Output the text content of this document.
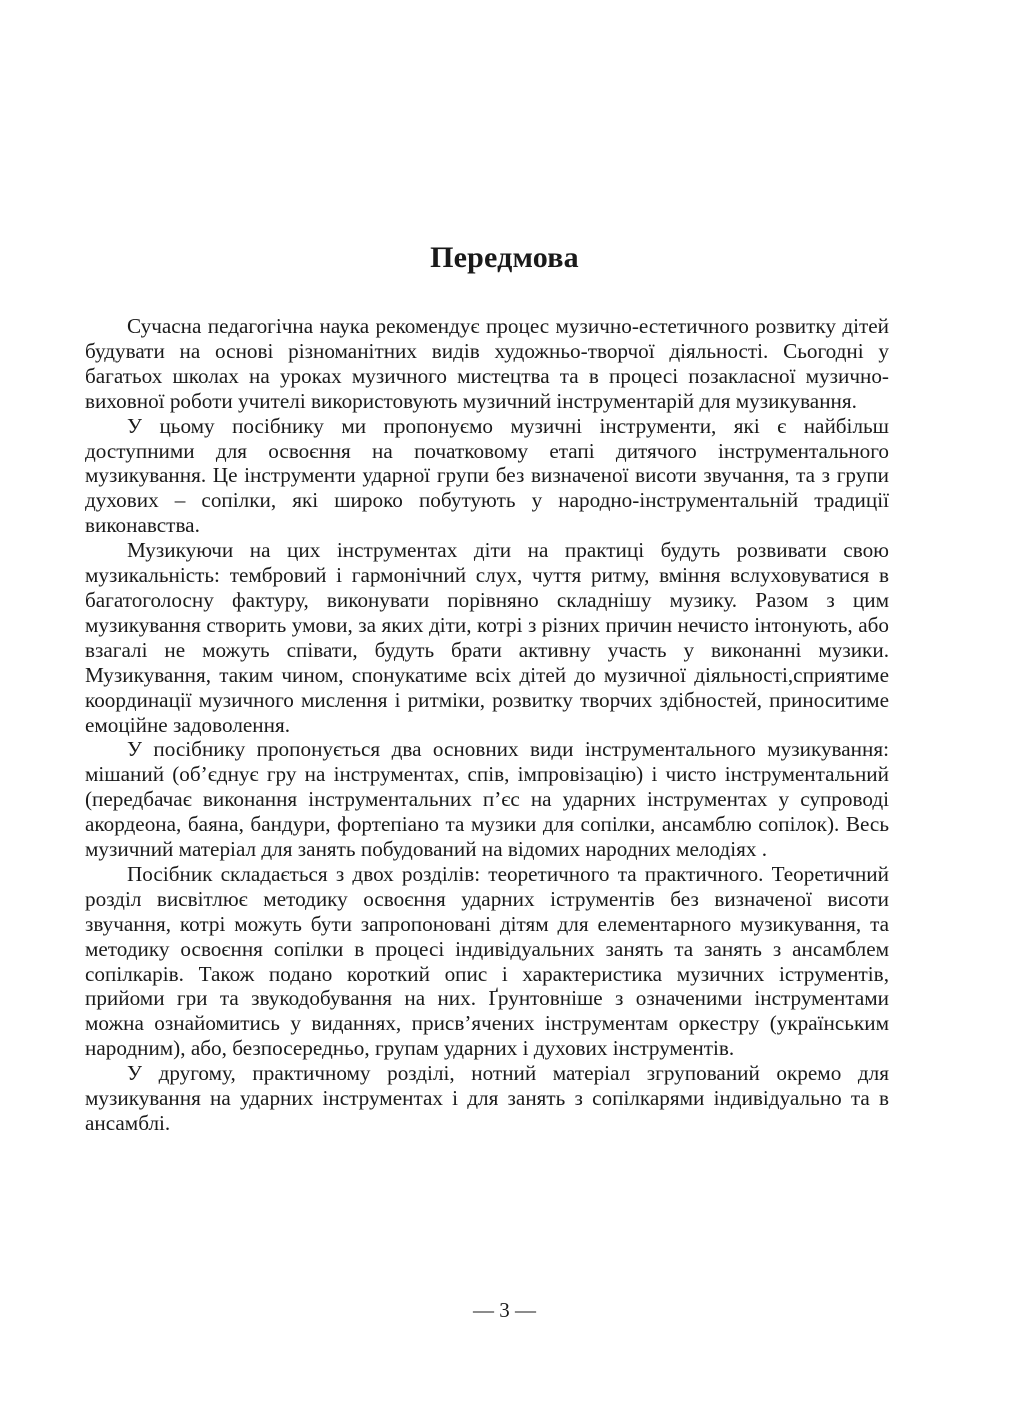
Передмова

Сучасна педагогічна наука рекомендує процес музично-естетичного розвитку дітей будувати на основі різноманітних видів художньо-творчої діяльності. Сьогодні у багатьох школах на уроках музичного мистецтва та в процесі позакласної музично-виховної роботи учителі використовують музичний інструментарій для музикування.

У цьому посібнику ми пропонуємо музичні інструменти, які є найбільш доступними для освоєння на початковому етапі дитячого інструментального музикування. Це інструменти ударної групи без визначеної висоти звучання, та з групи духових – сопілки, які широко побутують у народно-інструментальній традиції виконавства.

Музикуючи на цих інструментах діти на практиці будуть розвивати свою музикальність: тембровий і гармонічний слух, чуття ритму, вміння вслуховуватися в багатоголосну фактуру, виконувати порівняно складнішу музику. Разом з цим музикування створить умови, за яких діти, котрі з різних причин нечисто інтонують, або взагалі не можуть співати, будуть брати активну участь у виконанні музики. Музикування, таким чином, спонукатиме всіх дітей до музичної діяльності,сприятиме координації музичного мислення і ритміки, розвитку творчих здібностей, приноситиме емоційне задоволення.

У посібнику пропонується два основних види інструментального музикування: мішаний (об’єднує гру на інструментах, спів, імпровізацію) і чисто інструментальний (передбачає виконання інструментальних п’єс на ударних інструментах у супроводі акордеона, баяна, бандури, фортепіано та музики для сопілки, ансамблю сопілок). Весь музичний матеріал для занять побудований на відомих народних мелодіях .

Посібник складається з двох розділів: теоретичного та практичного. Теоретичний розділ висвітлює методику освоєння ударних іструментів без визначеної висоти звучання, котрі можуть бути запропоновані дітям для елементарного музикування, та методику освоєння сопілки в процесі індивідуальних занять та занять з ансамблем сопілкарів. Також подано короткий опис і характеристика музичних іструментів, прийоми гри та звукодобування на них. Ґрунтовніше з означеними інструментами можна ознайомитись у виданнях, присв’ячених інструментам оркестру (українським народним), або, безпосередньо, групам ударних і духових інструментів.

У другому, практичному розділі, нотний матеріал згрупований окремо для музикування на ударних інструментах і для занять з сопілкарями індивідуально та в ансамблі.

— 3 —
